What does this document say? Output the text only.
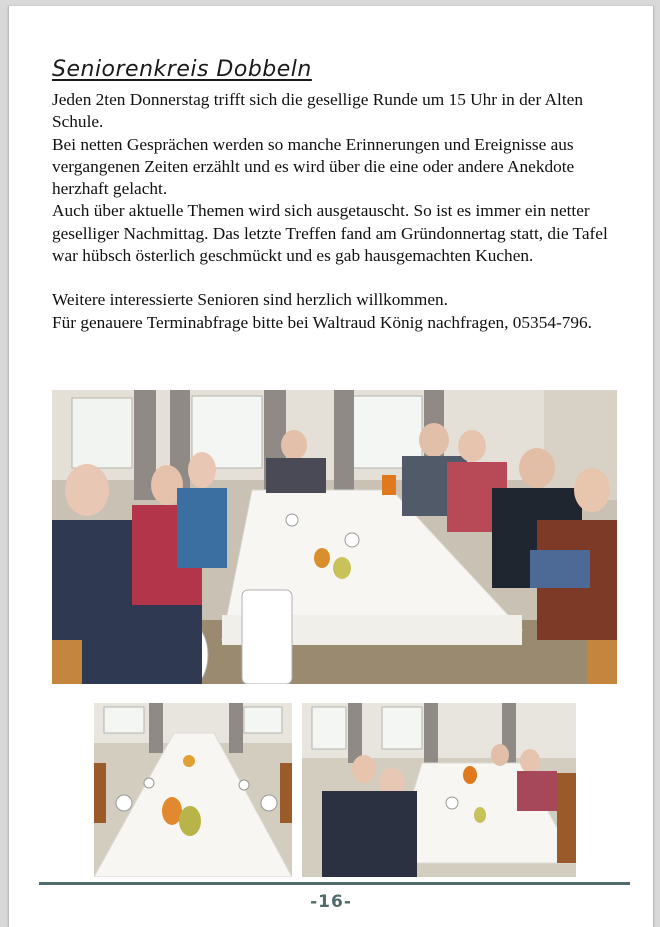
Seniorenkreis Dobbeln

Jeden 2ten Donnerstag trifft sich die gesellige Runde um 15 Uhr in der Alten Schule.

Bei netten Gesprächen werden so manche Erinnerungen und Ereignisse aus vergangenen Zeiten erzählt und es wird über die eine oder andere Anekdote herzhaft gelacht.

Auch über aktuelle Themen wird sich ausgetauscht. So ist es immer ein netter geselliger Nachmittag. Das letzte Treffen fand am Gründonnertag statt, die Tafel war hübsch österlich geschmückt und es gab hausgemachten Kuchen.

Weitere interessierte Senioren sind herzlich willkommen.

Für genauere Terminabfrage bitte bei Waltraud König nachfragen, 05354-796.

-16-
